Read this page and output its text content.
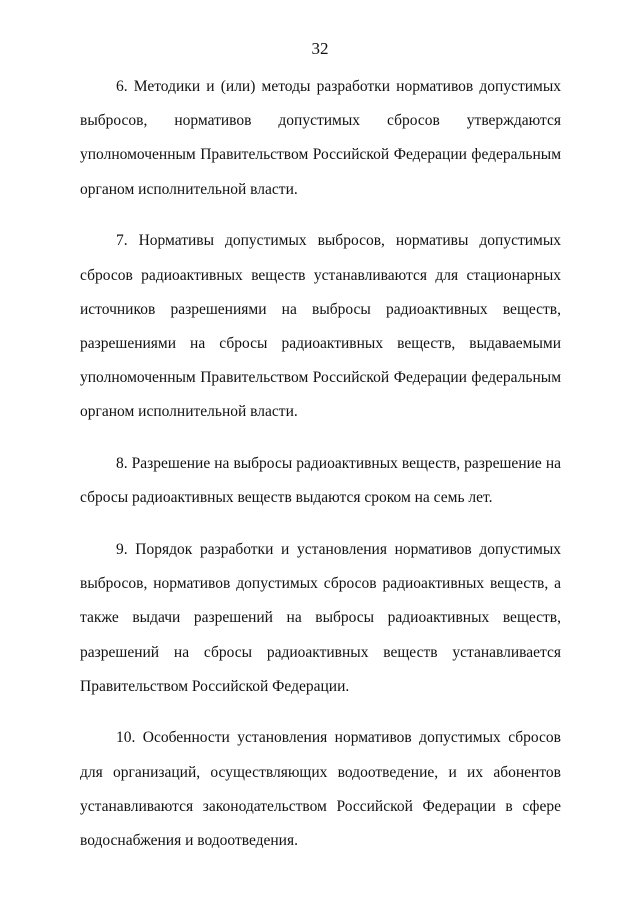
32

6. Методики и (или) методы разработки нормативов допустимых выбросов, нормативов допустимых сбросов утверждаются уполномоченным Правительством Российской Федерации федеральным органом исполнительной власти.

7. Нормативы допустимых выбросов, нормативы допустимых сбросов радиоактивных веществ устанавливаются для стационарных источников разрешениями на выбросы радиоактивных веществ, разрешениями на сбросы радиоактивных веществ, выдаваемыми уполномоченным Правительством Российской Федерации федеральным органом исполнительной власти.

8. Разрешение на выбросы радиоактивных веществ, разрешение на сбросы радиоактивных веществ выдаются сроком на семь лет.

9. Порядок разработки и установления нормативов допустимых выбросов, нормативов допустимых сбросов радиоактивных веществ, а также выдачи разрешений на выбросы радиоактивных веществ, разрешений на сбросы радиоактивных веществ устанавливается Правительством Российской Федерации.

10. Особенности установления нормативов допустимых сбросов для организаций, осуществляющих водоотведение, и их абонентов устанавливаются законодательством Российской Федерации в сфере водоснабжения и водоотведения.
